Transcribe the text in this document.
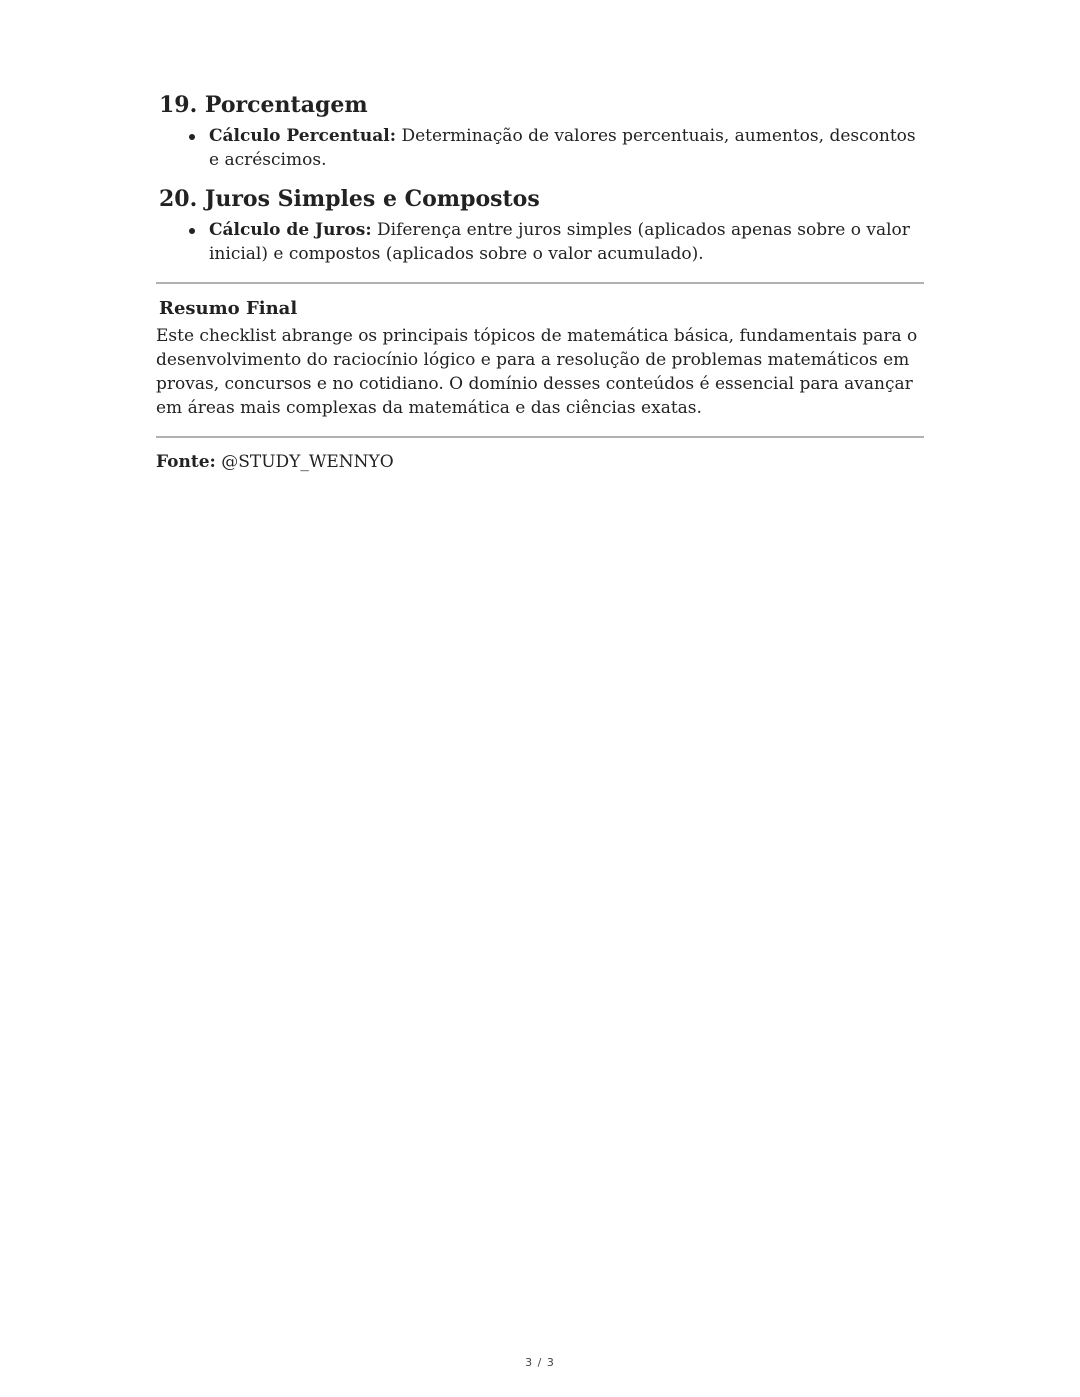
19. Porcentagem
Cálculo Percentual: Determinação de valores percentuais, aumentos, descontos e acréscimos.
20. Juros Simples e Compostos
Cálculo de Juros: Diferença entre juros simples (aplicados apenas sobre o valor inicial) e compostos (aplicados sobre o valor acumulado).
Resumo Final

Este checklist abrange os principais tópicos de matemática básica, fundamentais para o desenvolvimento do raciocínio lógico e para a resolução de problemas matemáticos em provas, concursos e no cotidiano. O domínio desses conteúdos é essencial para avançar em áreas mais complexas da matemática e das ciências exatas.

Fonte: @STUDY_WENNYO

3 / 3
